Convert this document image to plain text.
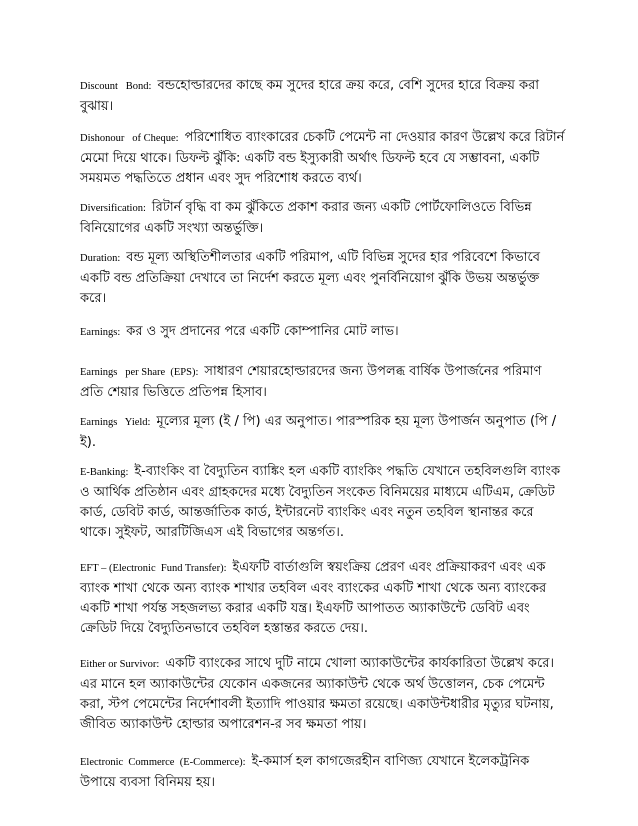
Discount   Bond: বন্ডহোল্ডারদের কাছে কম সুদের হারে ক্রয় করে, বেশি সুদের হারে বিক্রয় করা বুঝায়।
Dishonour   of Cheque: পরিশোধিত ব্যাংকারের চেকটি পেমেন্ট না দেওয়ার কারণ উল্লেখ করে রিটার্ন মেমো দিয়ে থাকে। ডিফল্ট ঝুঁকি: একটি বন্ড ইস্যুকারী অর্থাৎ ডিফল্ট হবে যে সম্ভাবনা, একটি সময়মত পদ্ধতিতে প্রধান এবং সুদ পরিশোধ করতে ব্যর্থ।
Diversification: রিটার্ন বৃদ্ধি বা কম ঝুঁকিতে প্রকাশ করার জন্য একটি পোর্টফোলিওতে বিভিন্ন বিনিয়োগের একটি সংখ্যা অন্তর্ভুক্তি।
Duration: বন্ড মূল্য অস্থিতিশীলতার একটি পরিমাপ, এটি বিভিন্ন সুদের হার পরিবেশে কিভাবে একটি বন্ড প্রতিক্রিয়া দেখাবে তা নির্দেশ করতে মূল্য এবং পুনর্বিনিয়োগ ঝুঁকি উভয় অন্তর্ভুক্ত করে।
Earnings: কর ও সুদ প্রদানের পরে একটি কোম্পানির মোট লাভ।
Earnings   per Share  (EPS): সাধারণ শেয়ারহোল্ডারদের জন্য উপলব্ধ বার্ষিক উপার্জনের পরিমাণ প্রতি শেয়ার ভিত্তিতে প্রতিপন্ন হিসাব।
Earnings   Yield: মূল্যের মূল্য (ই / পি) এর অনুপাত। পারস্পরিক হয় মূল্য উপার্জন অনুপাত (পি / ই).
E-Banking: ই-ব্যাংকিং বা বৈদ্যুতিন ব্যাঙ্কিং হল একটি ব্যাংকিং পদ্ধতি যেখানে তহবিলগুলি ব্যাংক ও আর্থিক প্রতিষ্ঠান এবং গ্রাহকদের মধ্যে বৈদ্যুতিন সংকেত বিনিময়ের মাধ্যমে এটিএম, ক্রেডিট কার্ড, ডেবিট কার্ড, আন্তর্জাতিক কার্ড, ইন্টারনেট ব্যাংকিং এবং নতুন তহবিল স্থানান্তর করে থাকে। সুইফট, আরটিজিএস এই বিভাগের অন্তর্গত।.
EFT – (Electronic  Fund Transfer): ইএফটি বার্তাগুলি স্বয়ংক্রিয় প্রেরণ এবং প্রক্রিয়াকরণ এবং এক ব্যাংক শাখা থেকে অন্য ব্যাংক শাখার তহবিল এবং ব্যাংকের একটি শাখা থেকে অন্য ব্যাংকের একটি শাখা পর্যন্ত সহজলভ্য করার একটি যন্ত্র। ইএফটি আপাতত অ্যাকাউন্টে ডেবিট এবং ক্রেডিট দিয়ে বৈদ্যুতিনভাবে তহবিল হস্তান্তর করতে দেয়।.
Either or Survivor: একটি ব্যাংকের সাথে দুটি নামে খোলা অ্যাকাউন্টের কার্যকারিতা উল্লেখ করে। এর মানে হল অ্যাকাউন্টের যেকোন একজনের অ্যাকাউন্ট থেকে অর্থ উত্তোলন, চেক পেমেন্ট করা, স্টপ পেমেন্টের নির্দেশাবলী ইত্যাদি পাওয়ার ক্ষমতা রয়েছে। একাউন্টধারীর মৃত্যুর ঘটনায়, জীবিত অ্যাকাউন্ট হোল্ডার অপারেশন-র সব ক্ষমতা পায়।
Electronic  Commerce  (E-Commerce): ই-কমার্স হল কাগজেরহীন বাণিজ্য যেখানে ইলেকট্রনিক উপায়ে ব্যবসা বিনিময় হয়।
